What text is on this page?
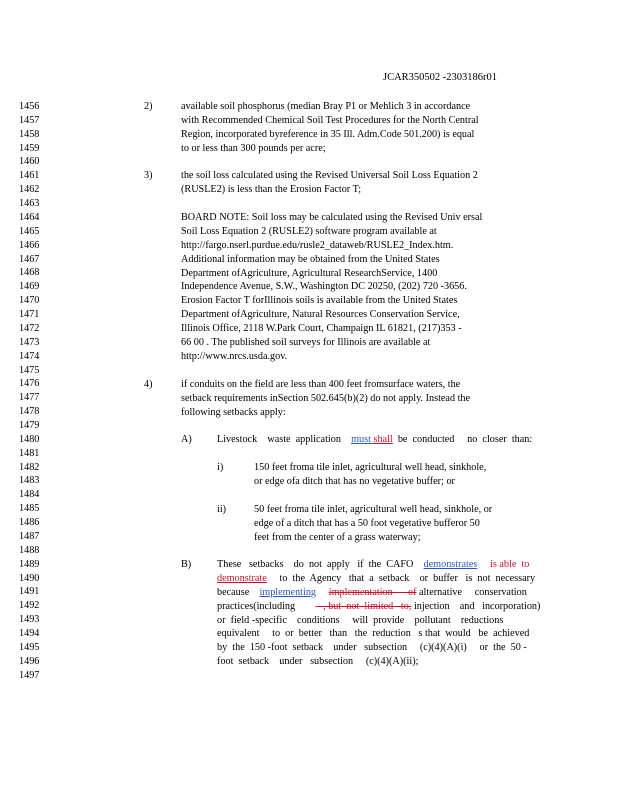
JCAR350502 -2303186r01
1456
1457
1458
1459
1460
1461
1462
1463
1464
1465
1466
1467
1468
1469
1470
1471
1472
1473
1474
1475
1476
1477
1478
1479
1480
1481
1482
1483
1484
1485
1486
1487
1488
1489
1490
1491
1492
1493
1494
1495
1496
1497
2)	available soil phosphorus (median Bray P1 or Mehlich 3 in accordance
with Recommended Chemical Soil Test Procedures for the North Central
Region, incorporated byreference in 35 Ill. Adm.Code 501.200) is equal
to or less than 300 pounds per acre;
3)	the soil loss calculated using the Revised Universal Soil Loss Equation 2
(RUSLE2) is less than the Erosion Factor T;
BOARD NOTE: Soil loss may be calculated using the Revised Univ ersal
Soil Loss Equation 2 (RUSLE2) software program available at
http://fargo.nserl.purdue.edu/rusle2_dataweb/RUSLE2_Index.htm.
Additional information may be obtained from the United States
Department ofAgriculture, Agricultural ResearchService, 1400
Independence Avenue, S.W., Washington DC 20250, (202) 720 -3656.
Erosion Factor T forIllinois soils is available from the United States
Department ofAgriculture, Natural Resources Conservation Service,
Illinois Office, 2118 W.Park Court, Champaign IL 61821, (217)353 -
66 00 . The published soil surveys for Illinois are available at
http://www.nrcs.usda.gov.
4)	if conduits on the field are less than 400 feet fromsurface waters, the
setback requirements inSection 502.645(b)(2) do not apply. Instead the
following setbacks apply:
A) Livestock    waste  application    must shall  be  conducted     no  closer  than:
i)	150 feet froma tile inlet, agricultural well head, sinkhole,
or edge ofa ditch that has no vegetative buffer; or
ii)	50 feet froma tile inlet, agricultural well head, sinkhole, or
edge of a ditch that has a 50 foot vegetative bufferor 50
feet from the center of a grass waterway;
B)	These   setbacks    do  not  apply   if  the  CAFO    demonstrates is able  to
demonstrate     to  the  Agency   that  a  setback    or  buffer   is  not  necessary
because    implementing implementation      of alternative     conservation
practices(including           , but  not  limited   to, injection    and   incorporation)
or  field -specific    conditions     will  provide    pollutant    reductions
equivalent     to  or  better   than   the  reduction   s that  would   be  achieved
by  the  150 -foot  setback    under   subsection     (c)(4)(A)(i)     or  the  50 -
foot  setback    under   subsection     (c)(4)(A)(ii);
